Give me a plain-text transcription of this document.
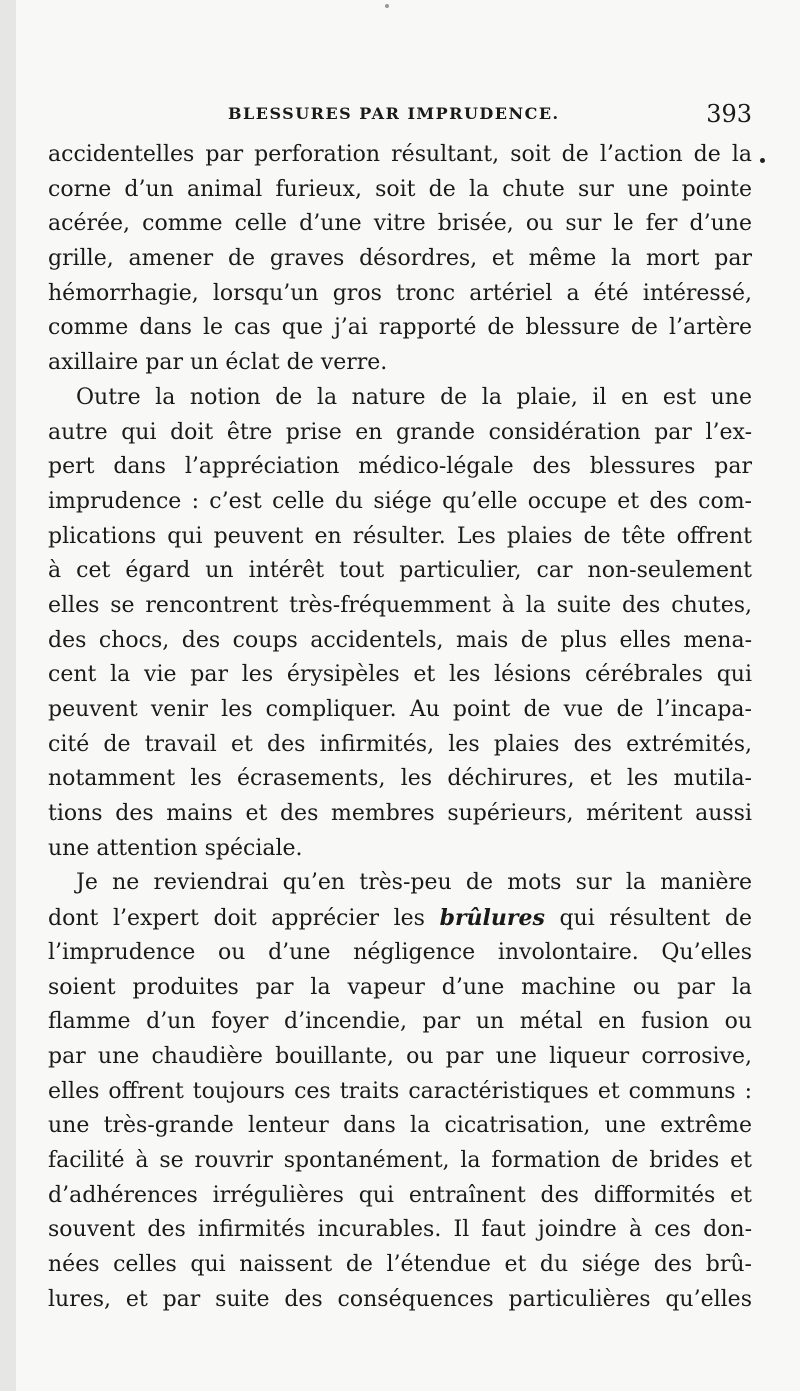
BLESSURES PAR IMPRUDENCE.	393
accidentelles par perforation résultant, soit de l’action de la
corne d’un animal furieux, soit de la chute sur une pointe
acérée, comme celle d’une vitre brisée, ou sur le fer d’une
grille, amener de graves désordres, et même la mort par
hémorrhagie, lorsqu’un gros tronc artériel a été intéressé,
comme dans le cas que j’ai rapporté de blessure de l’artère
axillaire par un éclat de verre.
Outre la notion de la nature de la plaie, il en est une
autre qui doit être prise en grande considération par l’ex-
pert dans l’appréciation médico-légale des blessures par
imprudence : c’est celle du siége qu’elle occupe et des com-
plications qui peuvent en résulter. Les plaies de tête offrent
à cet égard un intérêt tout particulier, car non-seulement
elles se rencontrent très-fréquemment à la suite des chutes,
des chocs, des coups accidentels, mais de plus elles mena-
cent la vie par les érysipèles et les lésions cérébrales qui
peuvent venir les compliquer. Au point de vue de l’incapa-
cité de travail et des infirmités, les plaies des extrémités,
notamment les écrasements, les déchirures, et les mutila-
tions des mains et des membres supérieurs, méritent aussi
une attention spéciale.
Je ne reviendrai qu’en très-peu de mots sur la manière
dont l’expert doit apprécier les brûlures qui résultent de
l’imprudence ou d’une négligence involontaire. Qu’elles
soient produites par la vapeur d’une machine ou par la
flamme d’un foyer d’incendie, par un métal en fusion ou
par une chaudière bouillante, ou par une liqueur corrosive,
elles offrent toujours ces traits caractéristiques et communs :
une très-grande lenteur dans la cicatrisation, une extrême
facilité à se rouvrir spontanément, la formation de brides et
d’adhérences irrégulières qui entraînent des difformités et
souvent des infirmités incurables. Il faut joindre à ces don-
nées celles qui naissent de l’étendue et du siége des brû-
lures, et par suite des conséquences particulières qu’elles
